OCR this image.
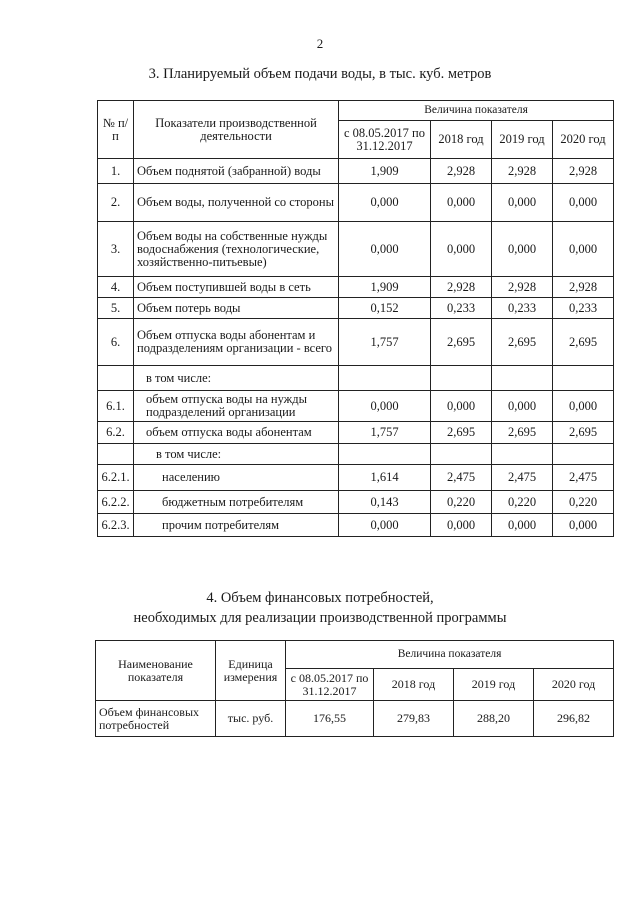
2
3. Планируемый объем подачи воды, в тыс. куб. метров
№ п/п	Показатели производственной деятельности	Величина показателя			
		с 08.05.2017 по 31.12.2017	2018 год	2019 год	2020 год
1.	Объем поднятой (забранной) воды	1,909	2,928	2,928	2,928
2.	Объем воды, полученной со стороны	0,000	0,000	0,000	0,000
3.	Объем воды на собственные нужды водоснабжения (технологические, хозяйственно-питьевые)	0,000	0,000	0,000	0,000
4.	Объем поступившей воды в сеть	1,909	2,928	2,928	2,928
5.	Объем потерь воды	0,152	0,233	0,233	0,233
6.	Объем отпуска воды абонентам и подразделениям организации - всего	1,757	2,695	2,695	2,695
	в том числе:				
6.1.	объем отпуска воды на нужды подразделений организации	0,000	0,000	0,000	0,000
6.2.	объем отпуска воды абонентам	1,757	2,695	2,695	2,695
	в том числе:				
6.2.1.	населению	1,614	2,475	2,475	2,475
6.2.2.	бюджетным потребителям	0,143	0,220	0,220	0,220
6.2.3.	прочим потребителям	0,000	0,000	0,000	0,000
4. Объем финансовых потребностей,
необходимых для реализации производственной программы
Наименование показателя	Единица измерения	Величина показателя			
		с 08.05.2017 по 31.12.2017	2018 год	2019 год	2020 год
Объем финансовых потребностей	тыс. руб.	176,55	279,83	288,20	296,82
